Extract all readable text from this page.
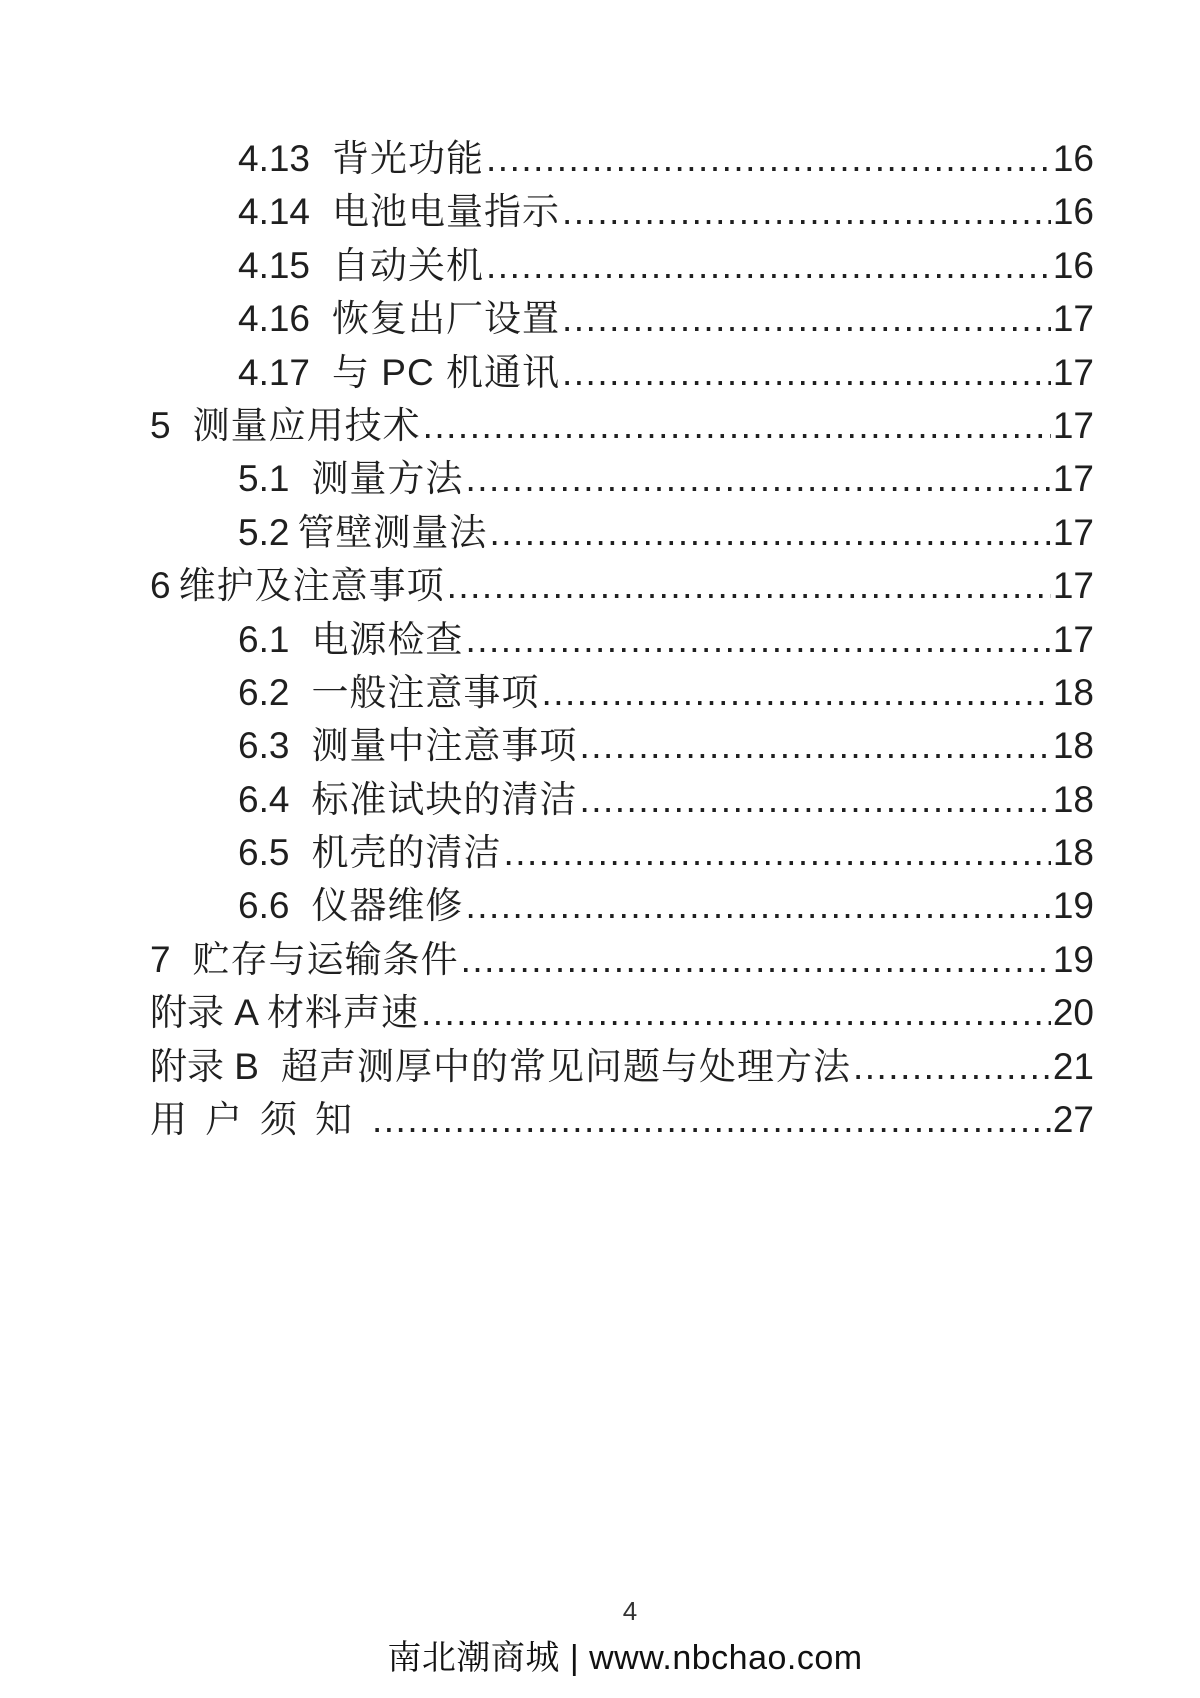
4.13 背光功能 .....	16
4.14 电池电量指示 .....	16
4.15 自动关机 .....	16
4.16 恢复出厂设置 .....	17
4.17 与 PC 机通讯 .....	17
5 测量应用技术 .....	17
5.1 测量方法 .....	17
5.2 管壁测量法 .....	17
6 维护及注意事项 .....	17
6.1 电源检查 .....	17
6.2 一般注意事项 .....	18
6.3 测量中注意事项 .....	18
6.4 标准试块的清洁 .....	18
6.5 机壳的清洁 .....	18
6.6 仪器维修 .....	19
7 贮存与运输条件 .....	19
附录 A 材料声速 .....	20
附录 B 超声测厚中的常见问题与处理方法 .....	21
用户须知 .....	27
4
南北潮商城 | www.nbchao.com
